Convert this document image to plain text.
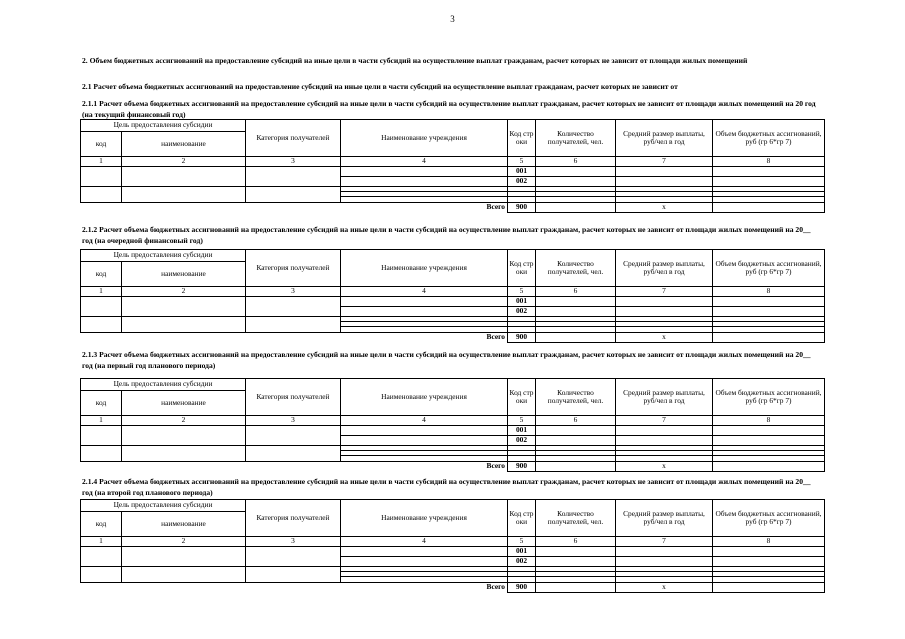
3
2. Объем бюджетных ассигнований на предоставление субсидий на иные цели в части субсидий на осуществление выплат гражданам, расчет которых не зависит от площади жилых помещений
2.1 Расчет объема бюджетных ассигнований на предоставление субсидий на иные цели в части субсидий на осуществление выплат гражданам, расчет которых не зависит от
2.1.1 Расчет объема бюджетных ассигнований на предоставление субсидий на иные цели в части субсидий на осуществление выплат гражданам, расчет которых не зависит от площади жилых помещений на 20 год (на текущий финансовый год)
Цель предоставления субсидии		Категория получателей	Наименование учреждения	Код строки	Количество получателей, чел.	Средний размер выплаты, руб/чел в год	Объем бюджетных ассигнований, руб (гр 6*гр 7)
код	наименование						
1	2	3	4	5	6	7	8
				001			
				002			

Всего				900		x	
2.1.2 Расчет объема бюджетных ассигнований на предоставление субсидий на иные цели в части субсидий на осуществление выплат гражданам, расчет которых не зависит от площади жилых помещений на 20__ год (на очередной финансовый год)
Цель предоставления субсидии		Категория получателей	Наименование учреждения	Код строки	Количество получателей, чел.	Средний размер выплаты, руб/чел в год	Объем бюджетных ассигнований, руб (гр 6*гр 7)
код	наименование						
1	2	3	4	5	6	7	8
				001			
				002			

Всего				900		x	
2.1.3 Расчет объема бюджетных ассигнований на предоставление субсидий на иные цели в части субсидий на осуществление выплат гражданам, расчет которых не зависит от площади жилых помещений на 20__ год (на первый год планового периода)
Цель предоставления субсидии		Категория получателей	Наименование учреждения	Код строки	Количество получателей, чел.	Средний размер выплаты, руб/чел в год	Объем бюджетных ассигнований, руб (гр 6*гр 7)
код	наименование						
1	2	3	4	5	6	7	8
				001			
				002			

Всего				900		x	
2.1.4 Расчет объема бюджетных ассигнований на предоставление субсидий на иные цели в части субсидий на осуществление выплат гражданам, расчет которых не зависит от площади жилых помещений на 20__ год (на второй год планового периода)
Цель предоставления субсидии		Категория получателей	Наименование учреждения	Код строки	Количество получателей, чел.	Средний размер выплаты, руб/чел в год	Объем бюджетных ассигнований, руб (гр 6*гр 7)
код	наименование						
1	2	3	4	5	6	7	8
				001			
				002			

Всего				900		x	
